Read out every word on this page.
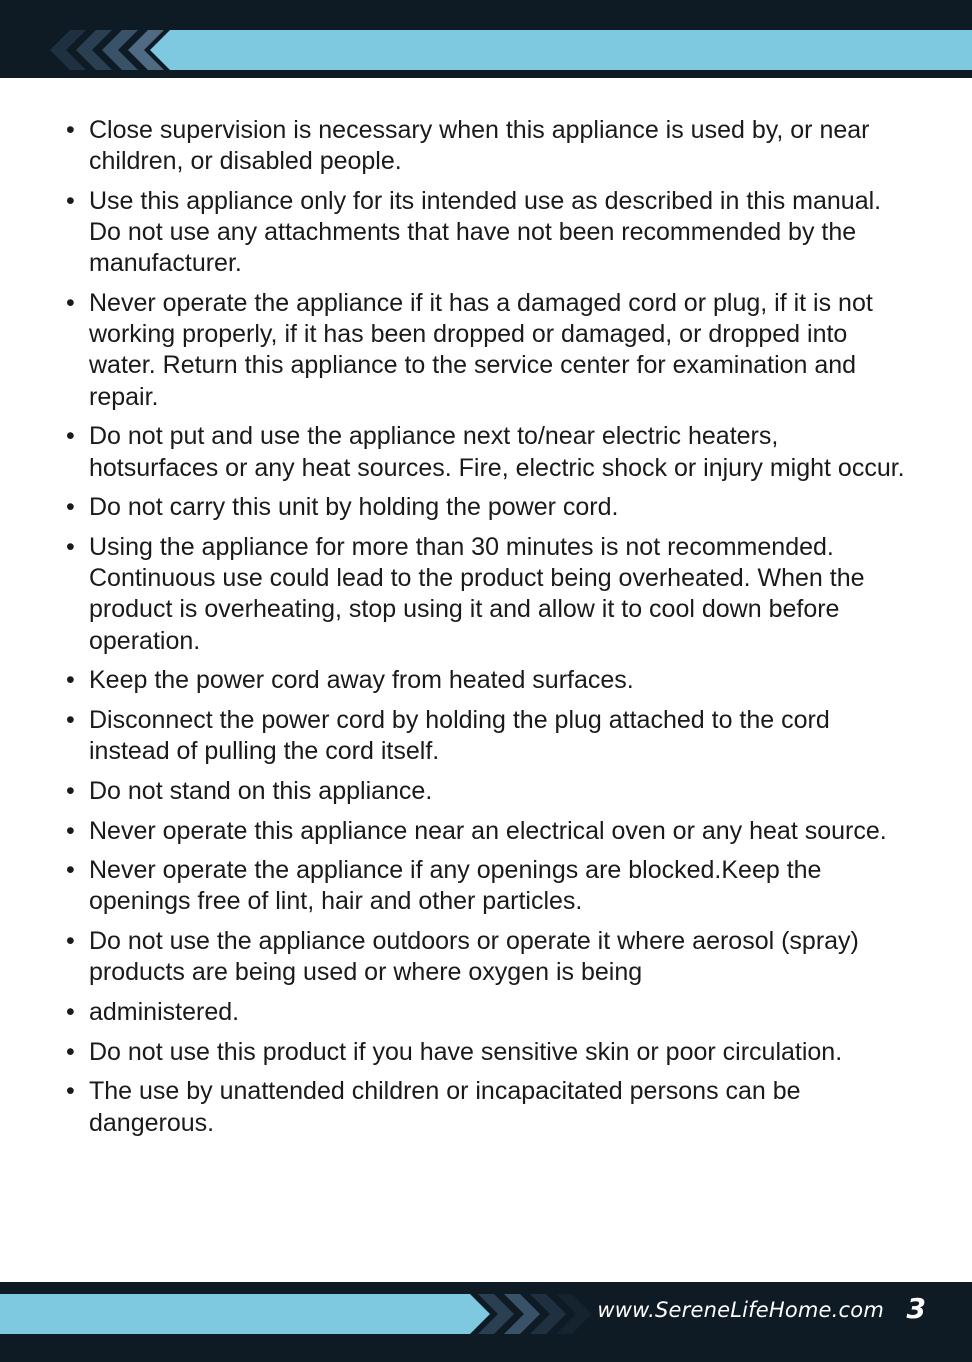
• Close supervision is necessary when this appliance is used by, or near children, or disabled people.
• Use this appliance only for its intended use as described in this manual. Do not use any attachments that have not been recommended by the manufacturer.
• Never operate the appliance if it has a damaged cord or plug, if it is not working properly, if it has been dropped or damaged, or dropped into water. Return this appliance to the service center for examination and repair.
• Do not put and use the appliance next to/near electric heaters, hotsurfaces or any heat sources. Fire, electric shock or injury might occur.
• Do not carry this unit by holding the power cord.
• Using the appliance for more than 30 minutes is not recommended. Continuous use could lead to the product being overheated. When the product is overheating, stop using it and allow it to cool down before operation.
• Keep the power cord away from heated surfaces.
• Disconnect the power cord by holding the plug attached to the cord instead of pulling the cord itself.
• Do not stand on this appliance.
• Never operate this appliance near an electrical oven or any heat source.
• Never operate the appliance if any openings are blocked.Keep the openings free of lint, hair and other particles.
• Do not use the appliance outdoors or operate it where aerosol (spray) products are being used or where oxygen is being
• administered.
• Do not use this product if you have sensitive skin or poor circulation.
• The use by unattended children or incapacitated persons can be dangerous.
www.SereneLifeHome.com 3
